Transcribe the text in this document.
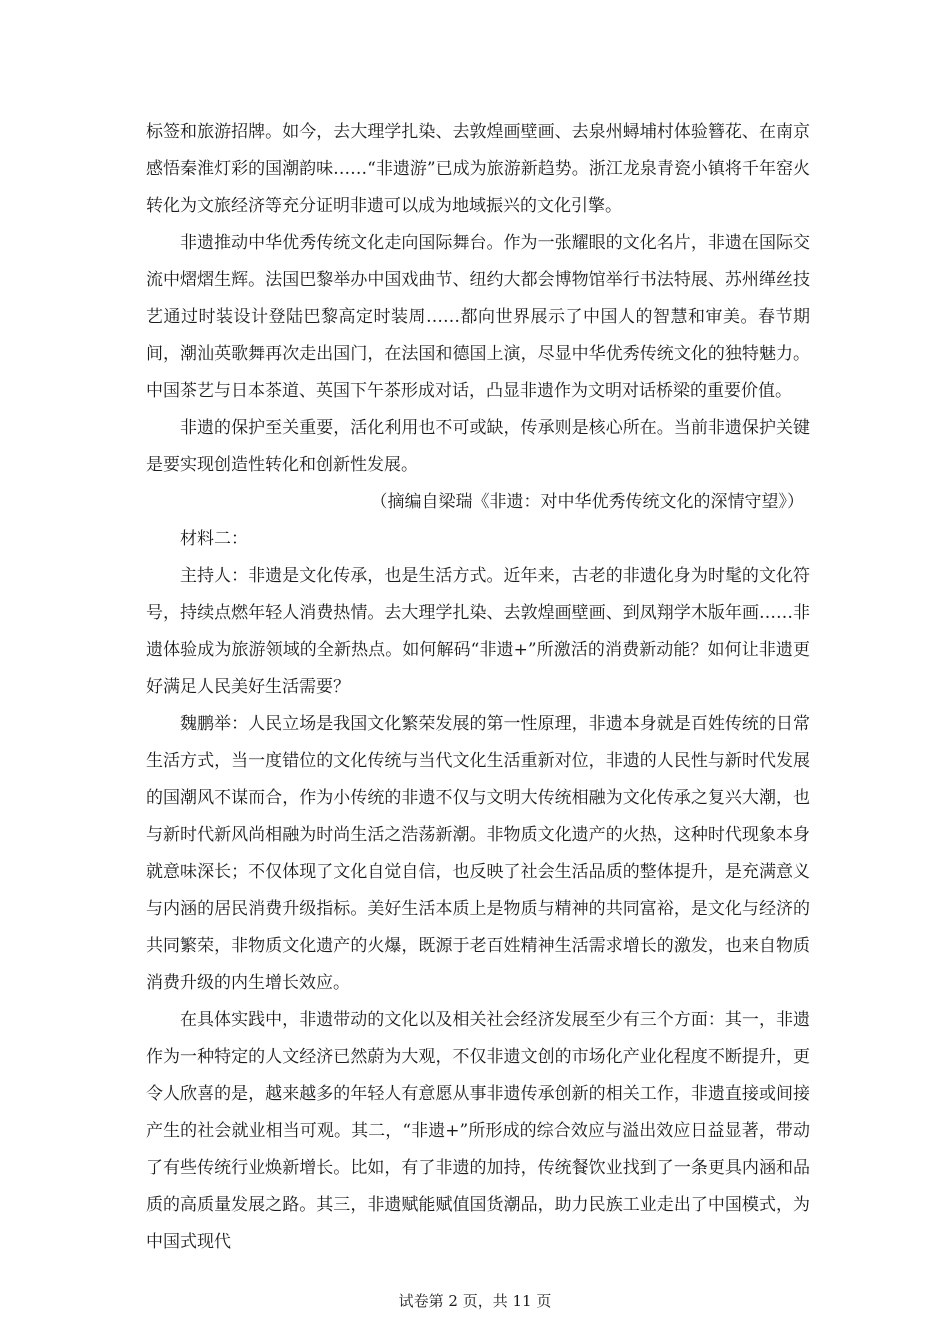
标签和旅游招牌。如今，去大理学扎染、去敦煌画壁画、去泉州蟳埔村体验簪花、在南京感悟秦淮灯彩的国潮韵味……“非遗游”已成为旅游新趋势。浙江龙泉青瓷小镇将千年窑火转化为文旅经济等充分证明非遗可以成为地域振兴的文化引擎。

非遗推动中华优秀传统文化走向国际舞台。作为一张耀眼的文化名片，非遗在国际交流中熠熠生辉。法国巴黎举办中国戏曲节、纽约大都会博物馆举行书法特展、苏州缂丝技艺通过时装设计登陆巴黎高定时装周……都向世界展示了中国人的智慧和审美。春节期间，潮汕英歌舞再次走出国门，在法国和德国上演，尽显中华优秀传统文化的独特魅力。中国茶艺与日本茶道、英国下午茶形成对话，凸显非遗作为文明对话桥梁的重要价值。

非遗的保护至关重要，活化利用也不可或缺，传承则是核心所在。当前非遗保护关键是要实现创造性转化和创新性发展。

（摘编自梁瑞《非遗：对中华优秀传统文化的深情守望》）

材料二：

主持人：非遗是文化传承，也是生活方式。近年来，古老的非遗化身为时髦的文化符号，持续点燃年轻人消费热情。去大理学扎染、去敦煌画壁画、到凤翔学木版年画……非遗体验成为旅游领域的全新热点。如何解码“非遗+”所激活的消费新动能？如何让非遗更好满足人民美好生活需要？

魏鹏举：人民立场是我国文化繁荣发展的第一性原理，非遗本身就是百姓传统的日常生活方式，当一度错位的文化传统与当代文化生活重新对位，非遗的人民性与新时代发展的国潮风不谋而合，作为小传统的非遗不仅与文明大传统相融为文化传承之复兴大潮，也与新时代新风尚相融为时尚生活之浩荡新潮。非物质文化遗产的火热，这种时代现象本身就意味深长；不仅体现了文化自觉自信，也反映了社会生活品质的整体提升，是充满意义与内涵的居民消费升级指标。美好生活本质上是物质与精神的共同富裕，是文化与经济的共同繁荣，非物质文化遗产的火爆，既源于老百姓精神生活需求增长的激发，也来自物质消费升级的内生增长效应。

在具体实践中，非遗带动的文化以及相关社会经济发展至少有三个方面：其一，非遗作为一种特定的人文经济已然蔚为大观，不仅非遗文创的市场化产业化程度不断提升，更令人欣喜的是，越来越多的年轻人有意愿从事非遗传承创新的相关工作，非遗直接或间接产生的社会就业相当可观。其二，“非遗+”所形成的综合效应与溢出效应日益显著，带动了有些传统行业焕新增长。比如，有了非遗的加持，传统餐饮业找到了一条更具内涵和品质的高质量发展之路。其三，非遗赋能赋值国货潮品，助力民族工业走出了中国模式，为中国式现代

试卷第 2 页，共 11 页
